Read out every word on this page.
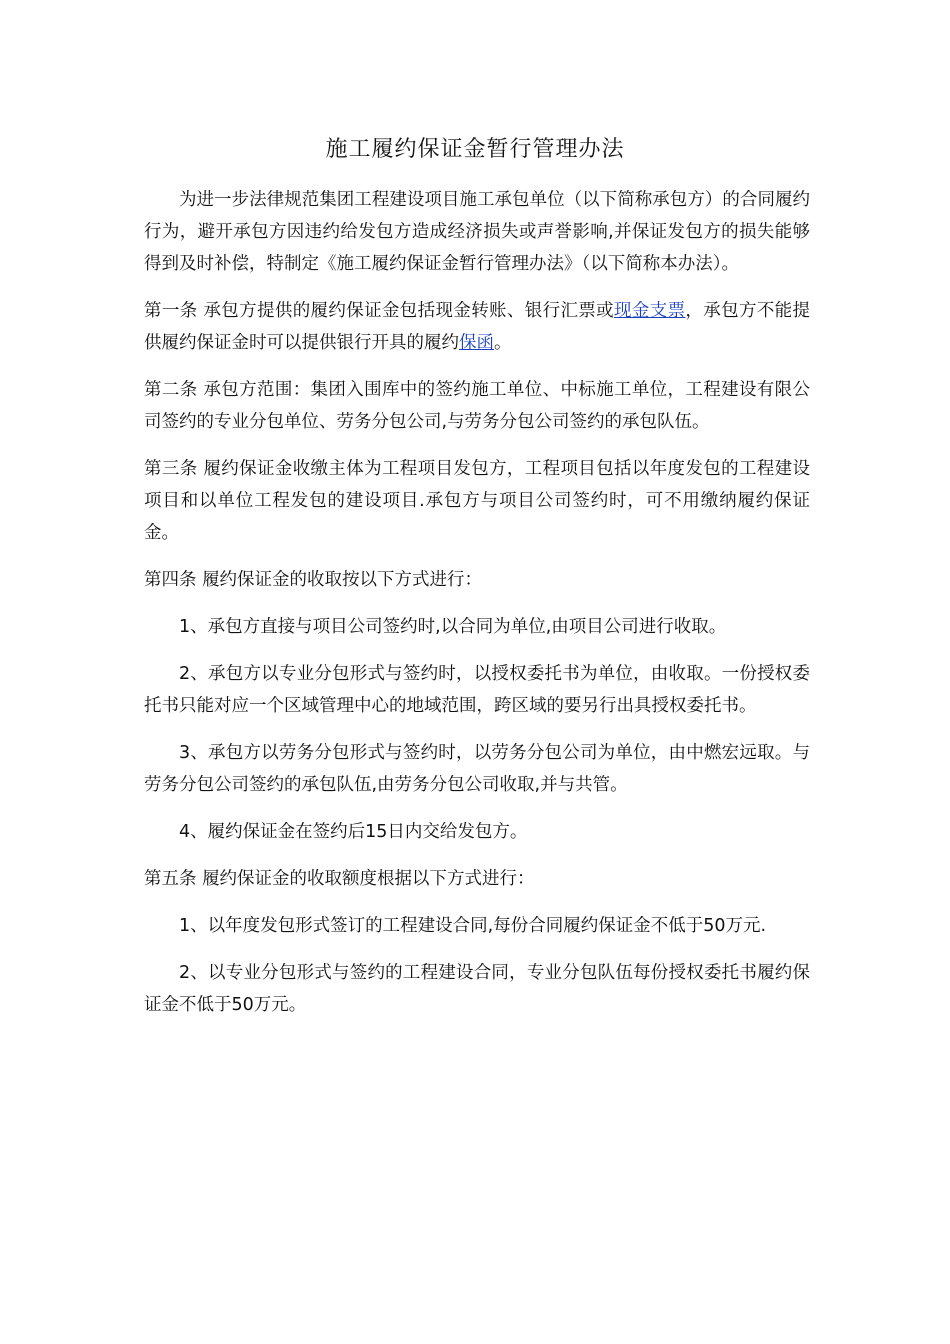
施工履约保证金暂行管理办法

为进一步法律规范集团工程建设项目施工承包单位（以下简称承包方）的合同履约行为，避开承包方因违约给发包方造成经济损失或声誉影响,并保证发包方的损失能够得到及时补偿，特制定《施工履约保证金暂行管理办法》（以下简称本办法）。

第一条 承包方提供的履约保证金包括现金转账、银行汇票或现金支票，承包方不能提供履约保证金时可以提供银行开具的履约保函。

第二条 承包方范围：集团入围库中的签约施工单位、中标施工单位，工程建设有限公司签约的专业分包单位、劳务分包公司,与劳务分包公司签约的承包队伍。

第三条 履约保证金收缴主体为工程项目发包方，工程项目包括以年度发包的工程建设项目和以单位工程发包的建设项目.承包方与项目公司签约时，可不用缴纳履约保证金。

第四条 履约保证金的收取按以下方式进行：

1、承包方直接与项目公司签约时,以合同为单位,由项目公司进行收取。

2、承包方以专业分包形式与签约时，以授权委托书为单位，由收取。一份授权委托书只能对应一个区域管理中心的地域范围，跨区域的要另行出具授权委托书。

3、承包方以劳务分包形式与签约时，以劳务分包公司为单位，由中燃宏远取。与劳务分包公司签约的承包队伍,由劳务分包公司收取,并与共管。

4、履约保证金在签约后15日内交给发包方。

第五条 履约保证金的收取额度根据以下方式进行：

1、以年度发包形式签订的工程建设合同,每份合同履约保证金不低于50万元.

2、以专业分包形式与签约的工程建设合同，专业分包队伍每份授权委托书履约保证金不低于50万元。
